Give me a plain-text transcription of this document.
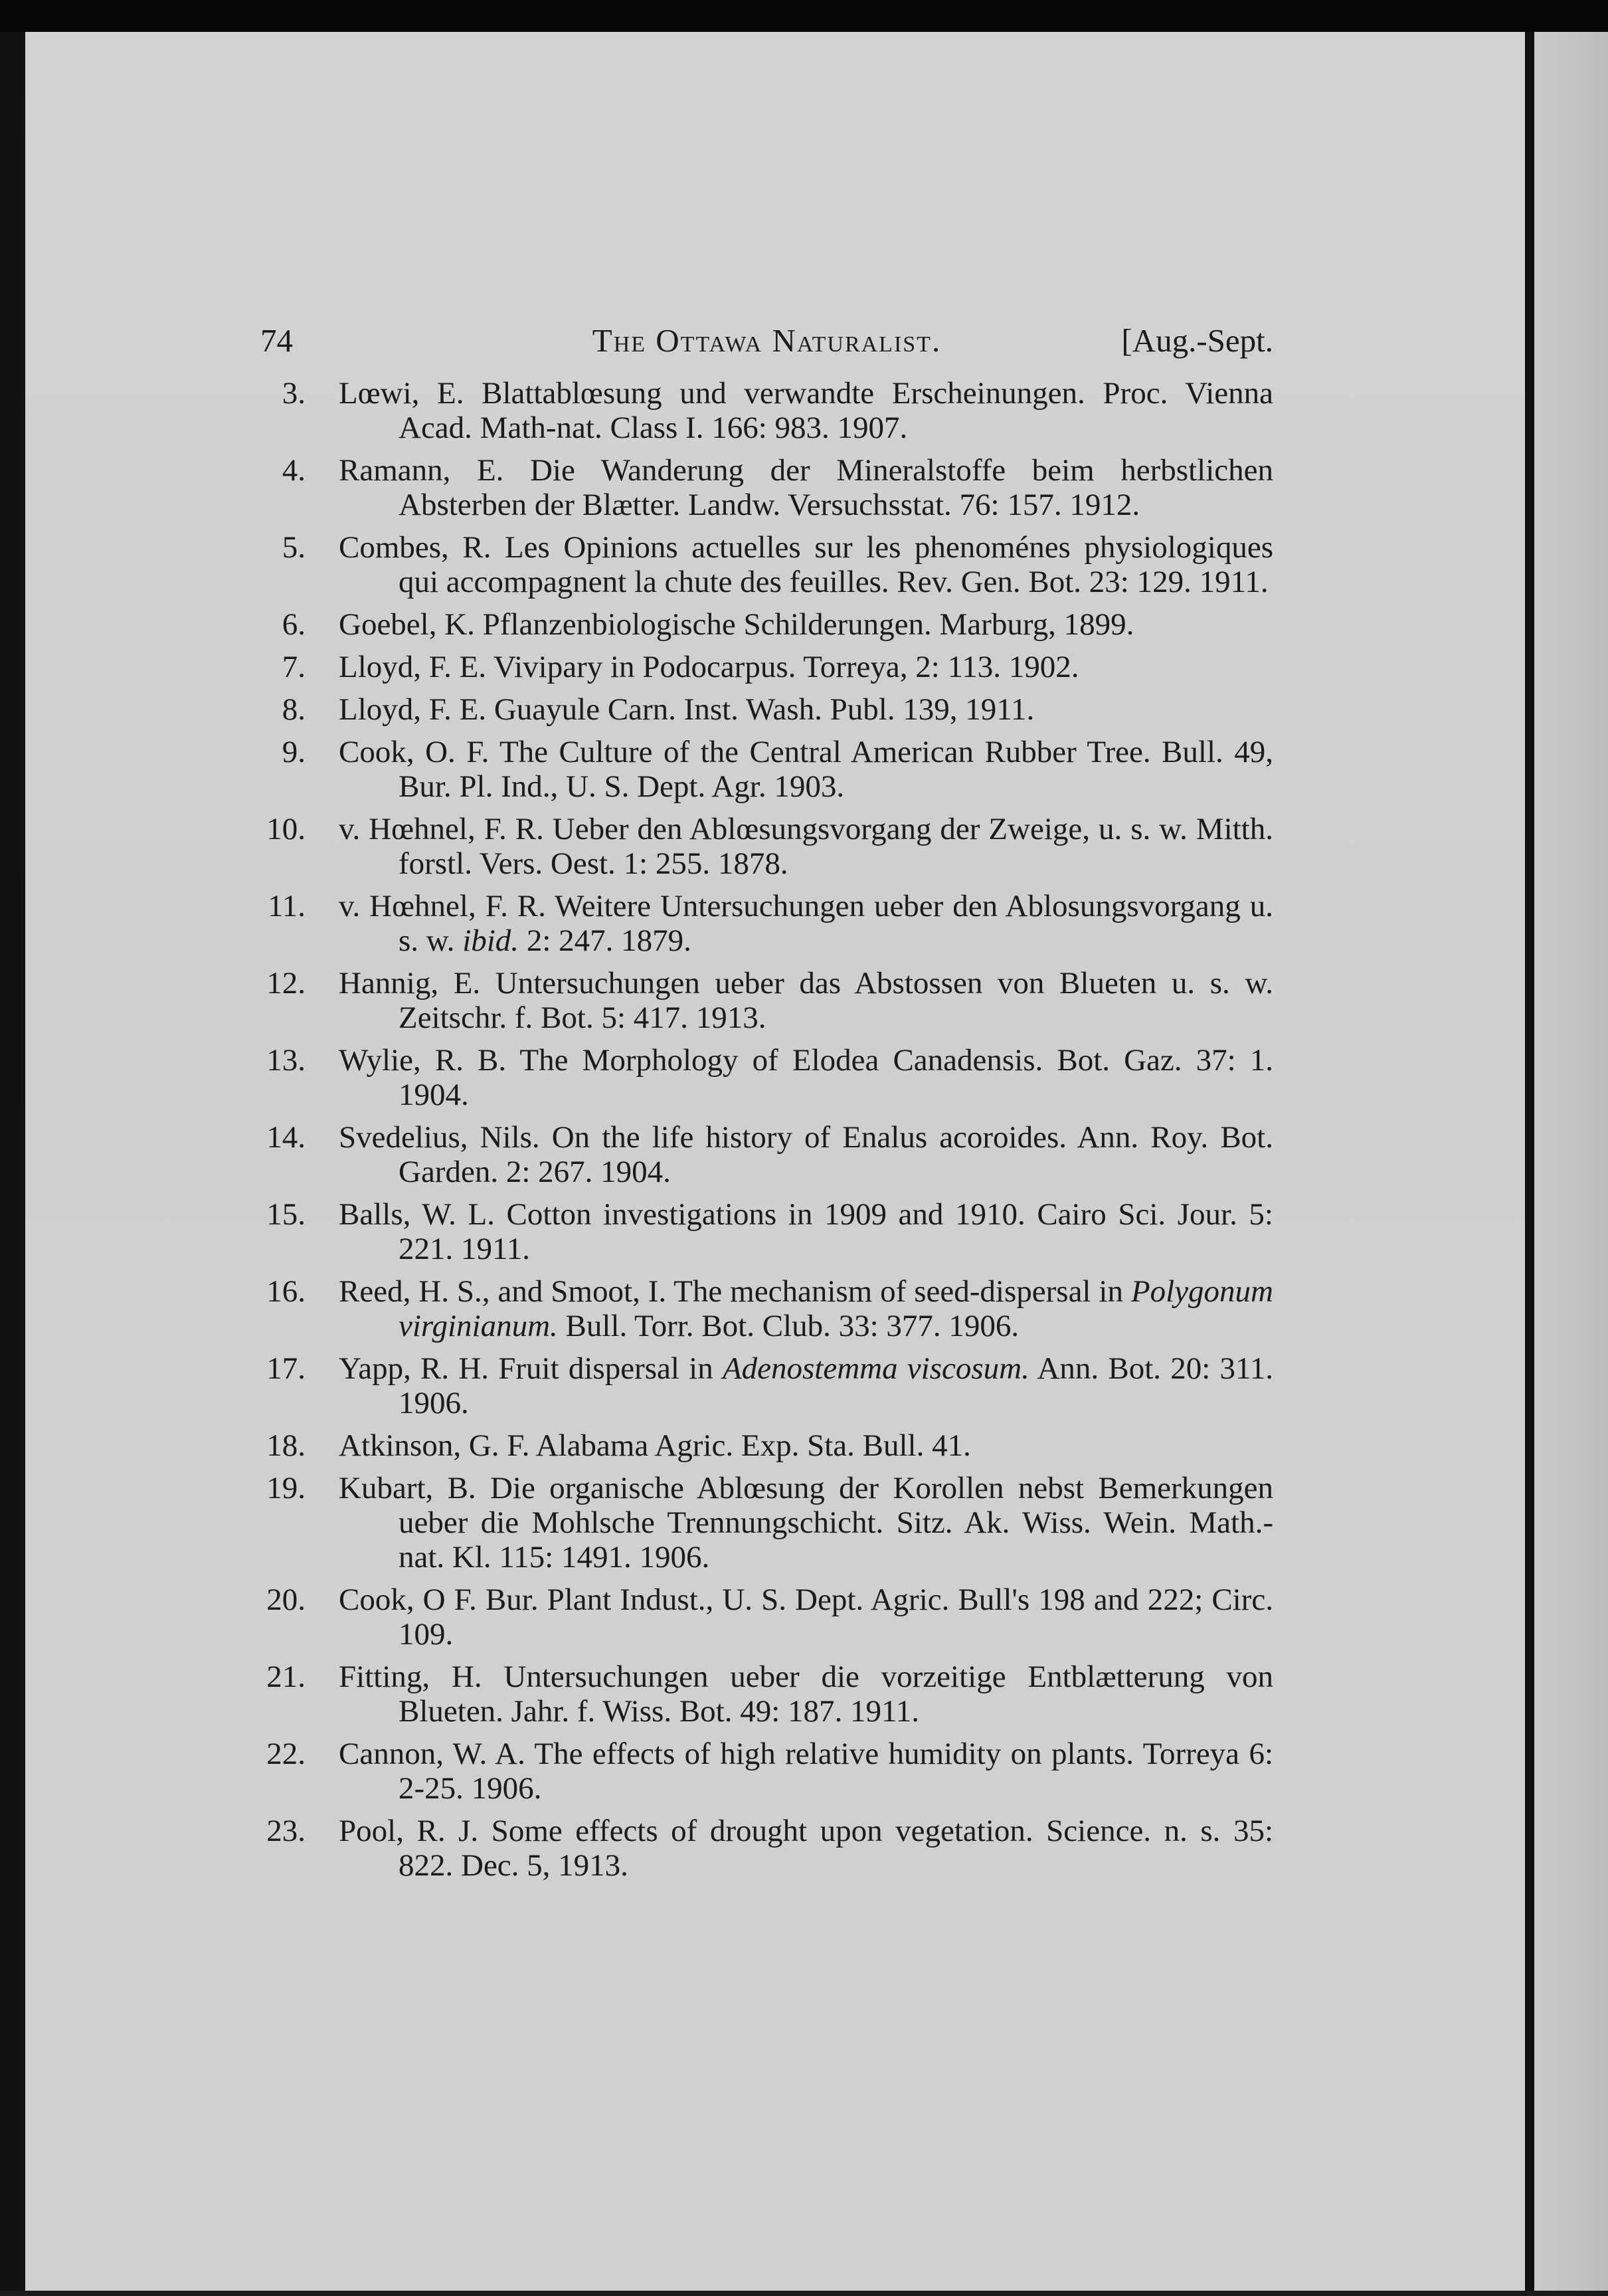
74	The Ottawa Naturalist.	[Aug.-Sept.
3. Lœwi, E. Blattablœsung und verwandte Erscheinungen. Proc. Vienna Acad. Math-nat. Class I. 166: 983. 1907.
4. Ramann, E. Die Wanderung der Mineralstoffe beim herbstlichen Absterben der Blætter. Landw. Versuchsstat. 76: 157. 1912.
5. Combes, R. Les Opinions actuelles sur les phenoménes physiologiques qui accompagnent la chute des feuilles. Rev. Gen. Bot. 23: 129. 1911.
6. Goebel, K. Pflanzenbiologische Schilderungen. Marburg, 1899.
7. Lloyd, F. E. Vivipary in Podocarpus. Torreya, 2: 113. 1902.
8. Lloyd, F. E. Guayule Carn. Inst. Wash. Publ. 139, 1911.
9. Cook, O. F. The Culture of the Central American Rubber Tree. Bull. 49, Bur. Pl. Ind., U. S. Dept. Agr. 1903.
10. v. Hœhnel, F. R. Ueber den Ablœsungsvorgang der Zweige, u. s. w. Mitth. forstl. Vers. Oest. 1: 255. 1878.
11. v. Hœhnel, F. R. Weitere Untersuchungen ueber den Ablosungsvorgang u. s. w. ibid. 2: 247. 1879.
12. Hannig, E. Untersuchungen ueber das Abstossen von Blueten u. s. w. Zeitschr. f. Bot. 5: 417. 1913.
13. Wylie, R. B. The Morphology of Elodea Canadensis. Bot. Gaz. 37: 1. 1904.
14. Svedelius, Nils. On the life history of Enalus acoroides. Ann. Roy. Bot. Garden. 2: 267. 1904.
15. Balls, W. L. Cotton investigations in 1909 and 1910. Cairo Sci. Jour. 5: 221. 1911.
16. Reed, H. S., and Smoot, I. The mechanism of seed-dispersal in Polygonum virginianum. Bull. Torr. Bot. Club. 33: 377. 1906.
17. Yapp, R. H. Fruit dispersal in Adenostemma viscosum. Ann. Bot. 20: 311. 1906.
18. Atkinson, G. F. Alabama Agric. Exp. Sta. Bull. 41.
19. Kubart, B. Die organische Ablœsung der Korollen nebst Bemerkungen ueber die Mohlsche Trennungschicht. Sitz. Ak. Wiss. Wein. Math.-nat. Kl. 115: 1491. 1906.
20. Cook, O F. Bur. Plant Indust., U. S. Dept. Agric. Bull's 198 and 222; Circ. 109.
21. Fitting, H. Untersuchungen ueber die vorzeitige Entblætterung von Blueten. Jahr. f. Wiss. Bot. 49: 187. 1911.
22. Cannon, W. A. The effects of high relative humidity on plants. Torreya 6: 2-25. 1906.
23. Pool, R. J. Some effects of drought upon vegetation. Science. n. s. 35: 822. Dec. 5, 1913.
